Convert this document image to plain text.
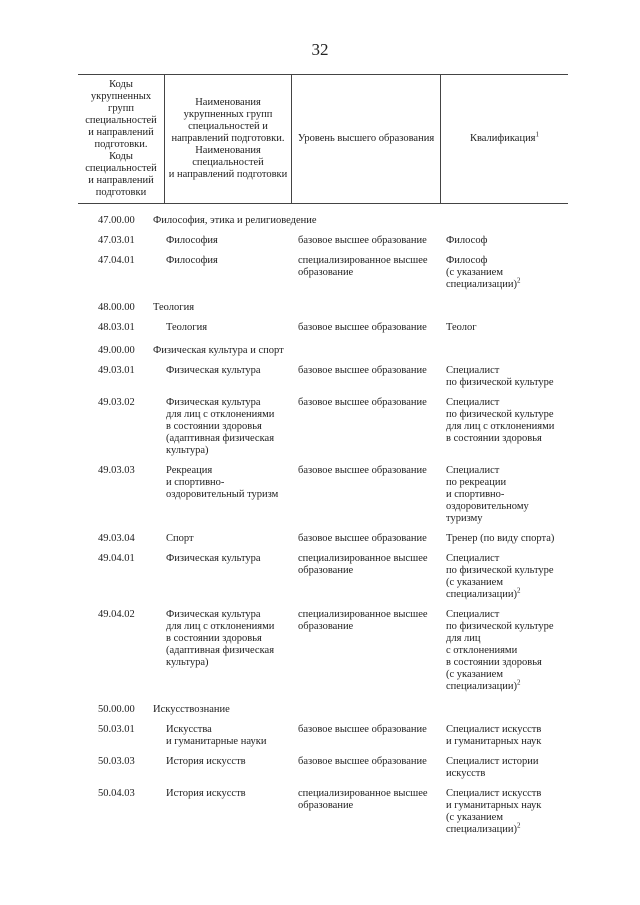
32
Коды
укрупненных
групп
специальностей
и направлений
подготовки.
Коды
специальностей
и направлений
подготовки	Наименования
укрупненных групп
специальностей и
направлений подготовки.
Наименования
специальностей
и направлений подготовки	Уровень высшего образования	Квалификация$^1$
47.00.00	Философия, этика и религиоведение
47.03.01	Философия	базовое высшее образование	Философ
47.04.01	Философия	специализированное высшее
образование
Философ
(с указанием
специализации)$^2$
48.00.00	Теология
48.03.01	Теология	базовое высшее образование	Теолог
49.00.00	Физическая культура и спорт
49.03.01	Физическая культура	базовое высшее образование	Специалист
по физической культуре
49.03.02	Физическая культура
для лиц с отклонениями
в состоянии здоровья
(адаптивная физическая
культура)
базовое высшее образование	Специалист
по физической культуре
для лиц с отклонениями
в состоянии здоровья
49.03.03	Рекреация
и спортивно-
оздоровительный туризм
базовое высшее образование	Специалист
по рекреации
и спортивно-
оздоровительному
туризму
49.03.04	Спорт	базовое высшее образование	Тренер (по виду спорта)
49.04.01	Физическая культура	специализированное высшее
образование
Специалист
по физической культуре
(с указанием
специализации)$^2$
49.04.02	Физическая культура
для лиц с отклонениями
в состоянии здоровья
(адаптивная физическая
культура)
специализированное высшее
образование
Специалист
по физической культуре
для лиц
с отклонениями
в состоянии здоровья
(с указанием
специализации)$^2$
50.00.00	Искусствознание
50.03.01	Искусства
и гуманитарные науки
базовое высшее образование	Специалист искусств
и гуманитарных наук
50.03.03	История искусств	базовое высшее образование	Специалист истории
искусств
50.04.03	История искусств	специализированное высшее
образование
Специалист искусств
и гуманитарных наук
(с указанием
специализации)$^2$
